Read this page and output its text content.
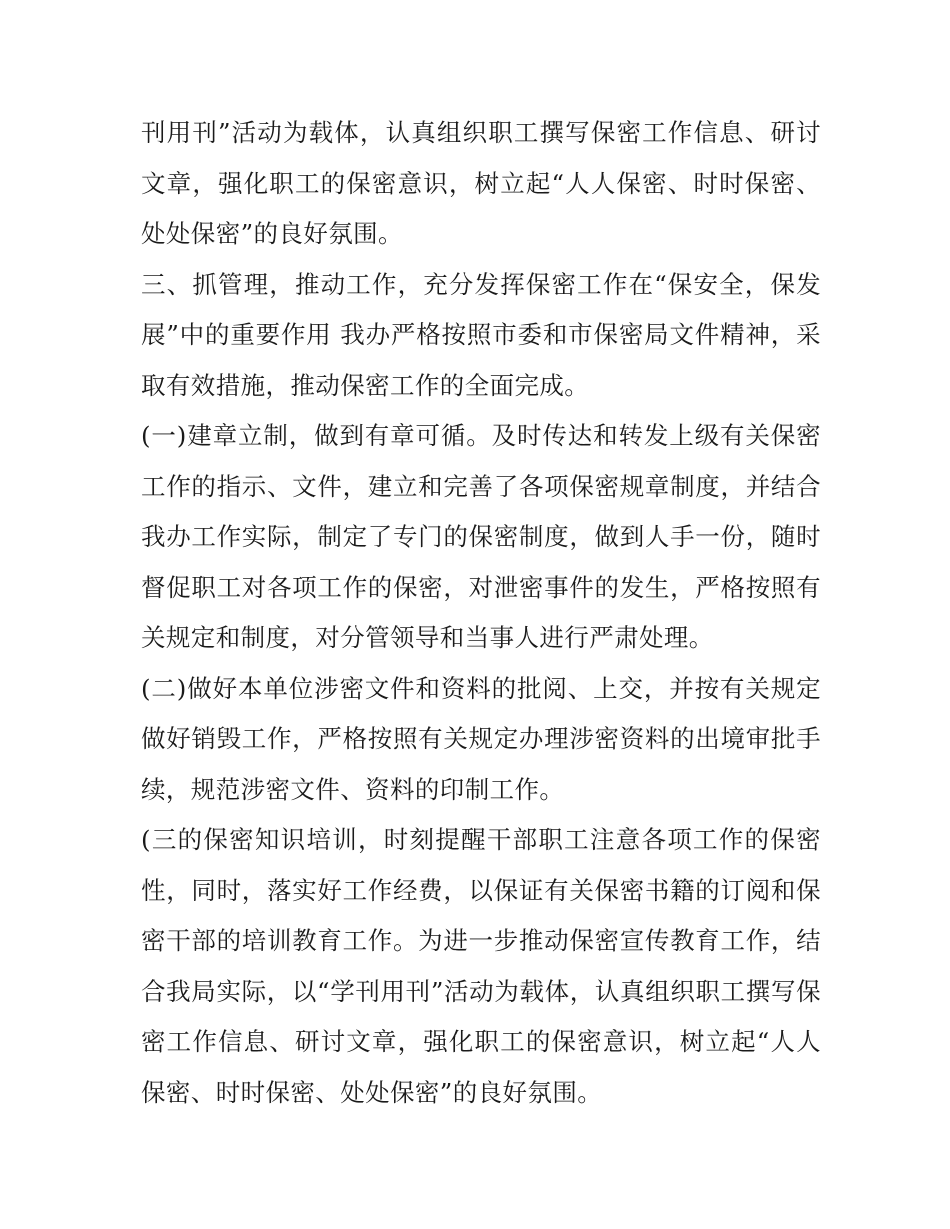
刊用刊”活动为载体，认真组织职工撰写保密工作信息、研讨文章，强化职工的保密意识，树立起“人人保密、时时保密、处处保密”的良好氛围。

三、抓管理，推动工作，充分发挥保密工作在“保安全，保发展”中的重要作用 我办严格按照市委和市保密局文件精神，采取有效措施，推动保密工作的全面完成。

(一)建章立制，做到有章可循。及时传达和转发上级有关保密工作的指示、文件，建立和完善了各项保密规章制度，并结合我办工作实际，制定了专门的保密制度，做到人手一份，随时督促职工对各项工作的保密，对泄密事件的发生，严格按照有关规定和制度，对分管领导和当事人进行严肃处理。

(二)做好本单位涉密文件和资料的批阅、上交，并按有关规定做好销毁工作，严格按照有关规定办理涉密资料的出境审批手续，规范涉密文件、资料的印制工作。

(三的保密知识培训，时刻提醒干部职工注意各项工作的保密性，同时，落实好工作经费，以保证有关保密书籍的订阅和保密干部的培训教育工作。为进一步推动保密宣传教育工作，结合我局实际，以“学刊用刊”活动为载体，认真组织职工撰写保密工作信息、研讨文章，强化职工的保密意识，树立起“人人保密、时时保密、处处保密”的良好氛围。
